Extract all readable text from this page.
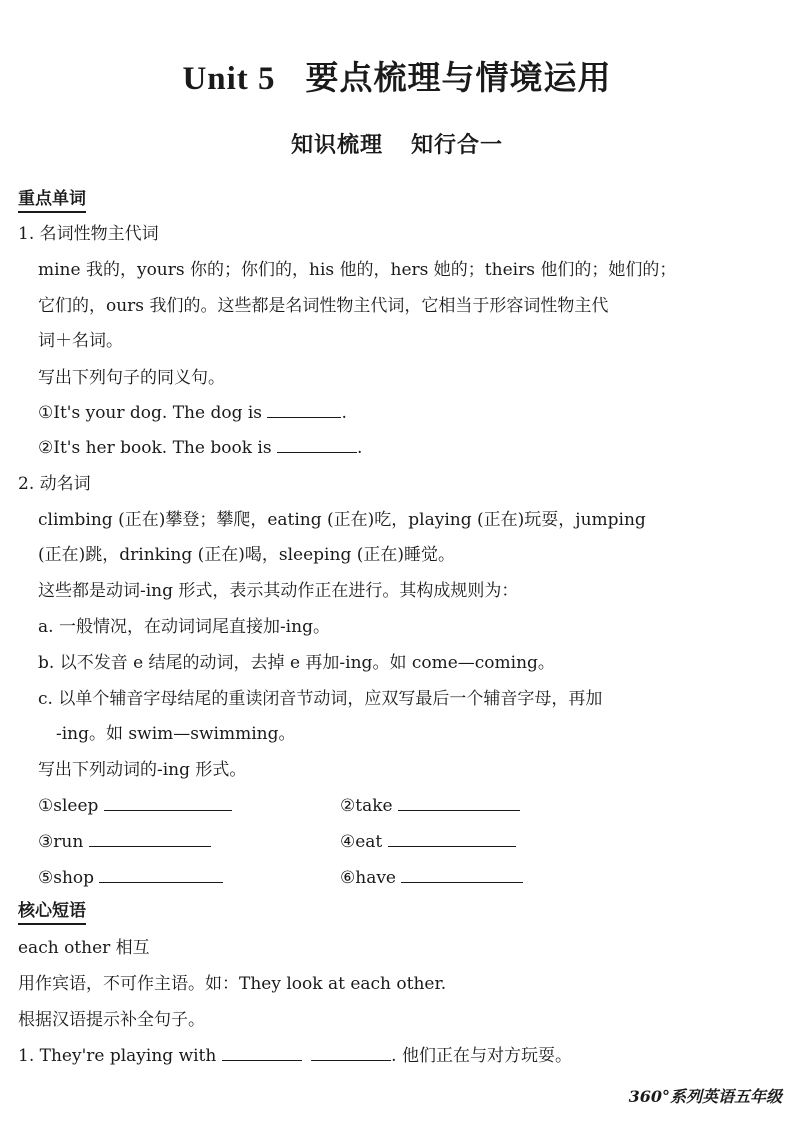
Unit 5 要点梳理与情境运用
知识梳理 知行合一
重点单词
1. 名词性物主代词
mine 我的，yours 你的；你们的，his 他的，hers 她的；theirs 他们的；她们的；
它们的，ours 我们的。这些都是名词性物主代词，它相当于形容词性物主代
词＋名词。
写出下列句子的同义句。
①It's your dog. The dog is	.
②It's her book. The book is	.
2. 动名词
climbing (正在)攀登；攀爬，eating (正在)吃，playing (正在)玩耍，jumping
(正在)跳，drinking (正在)喝，sleeping (正在)睡觉。
这些都是动词-ing 形式，表示其动作正在进行。其构成规则为：
a. 一般情况，在动词词尾直接加-ing。
b. 以不发音 e 结尾的动词，去掉 e 再加-ing。如 come—coming。
c. 以单个辅音字母结尾的重读闭音节动词，应双写最后一个辅音字母，再加
-ing。如 swim—swimming。
写出下列动词的-ing 形式。
①sleep	②take
③run	④eat
⑤shop	⑥have
核心短语
each other 相互
用作宾语，不可作主语。如：They look at each other.
根据汉语提示补全句子。
1. They're playing with	. 他们正在与对方玩耍。
360°系列英语五年级
